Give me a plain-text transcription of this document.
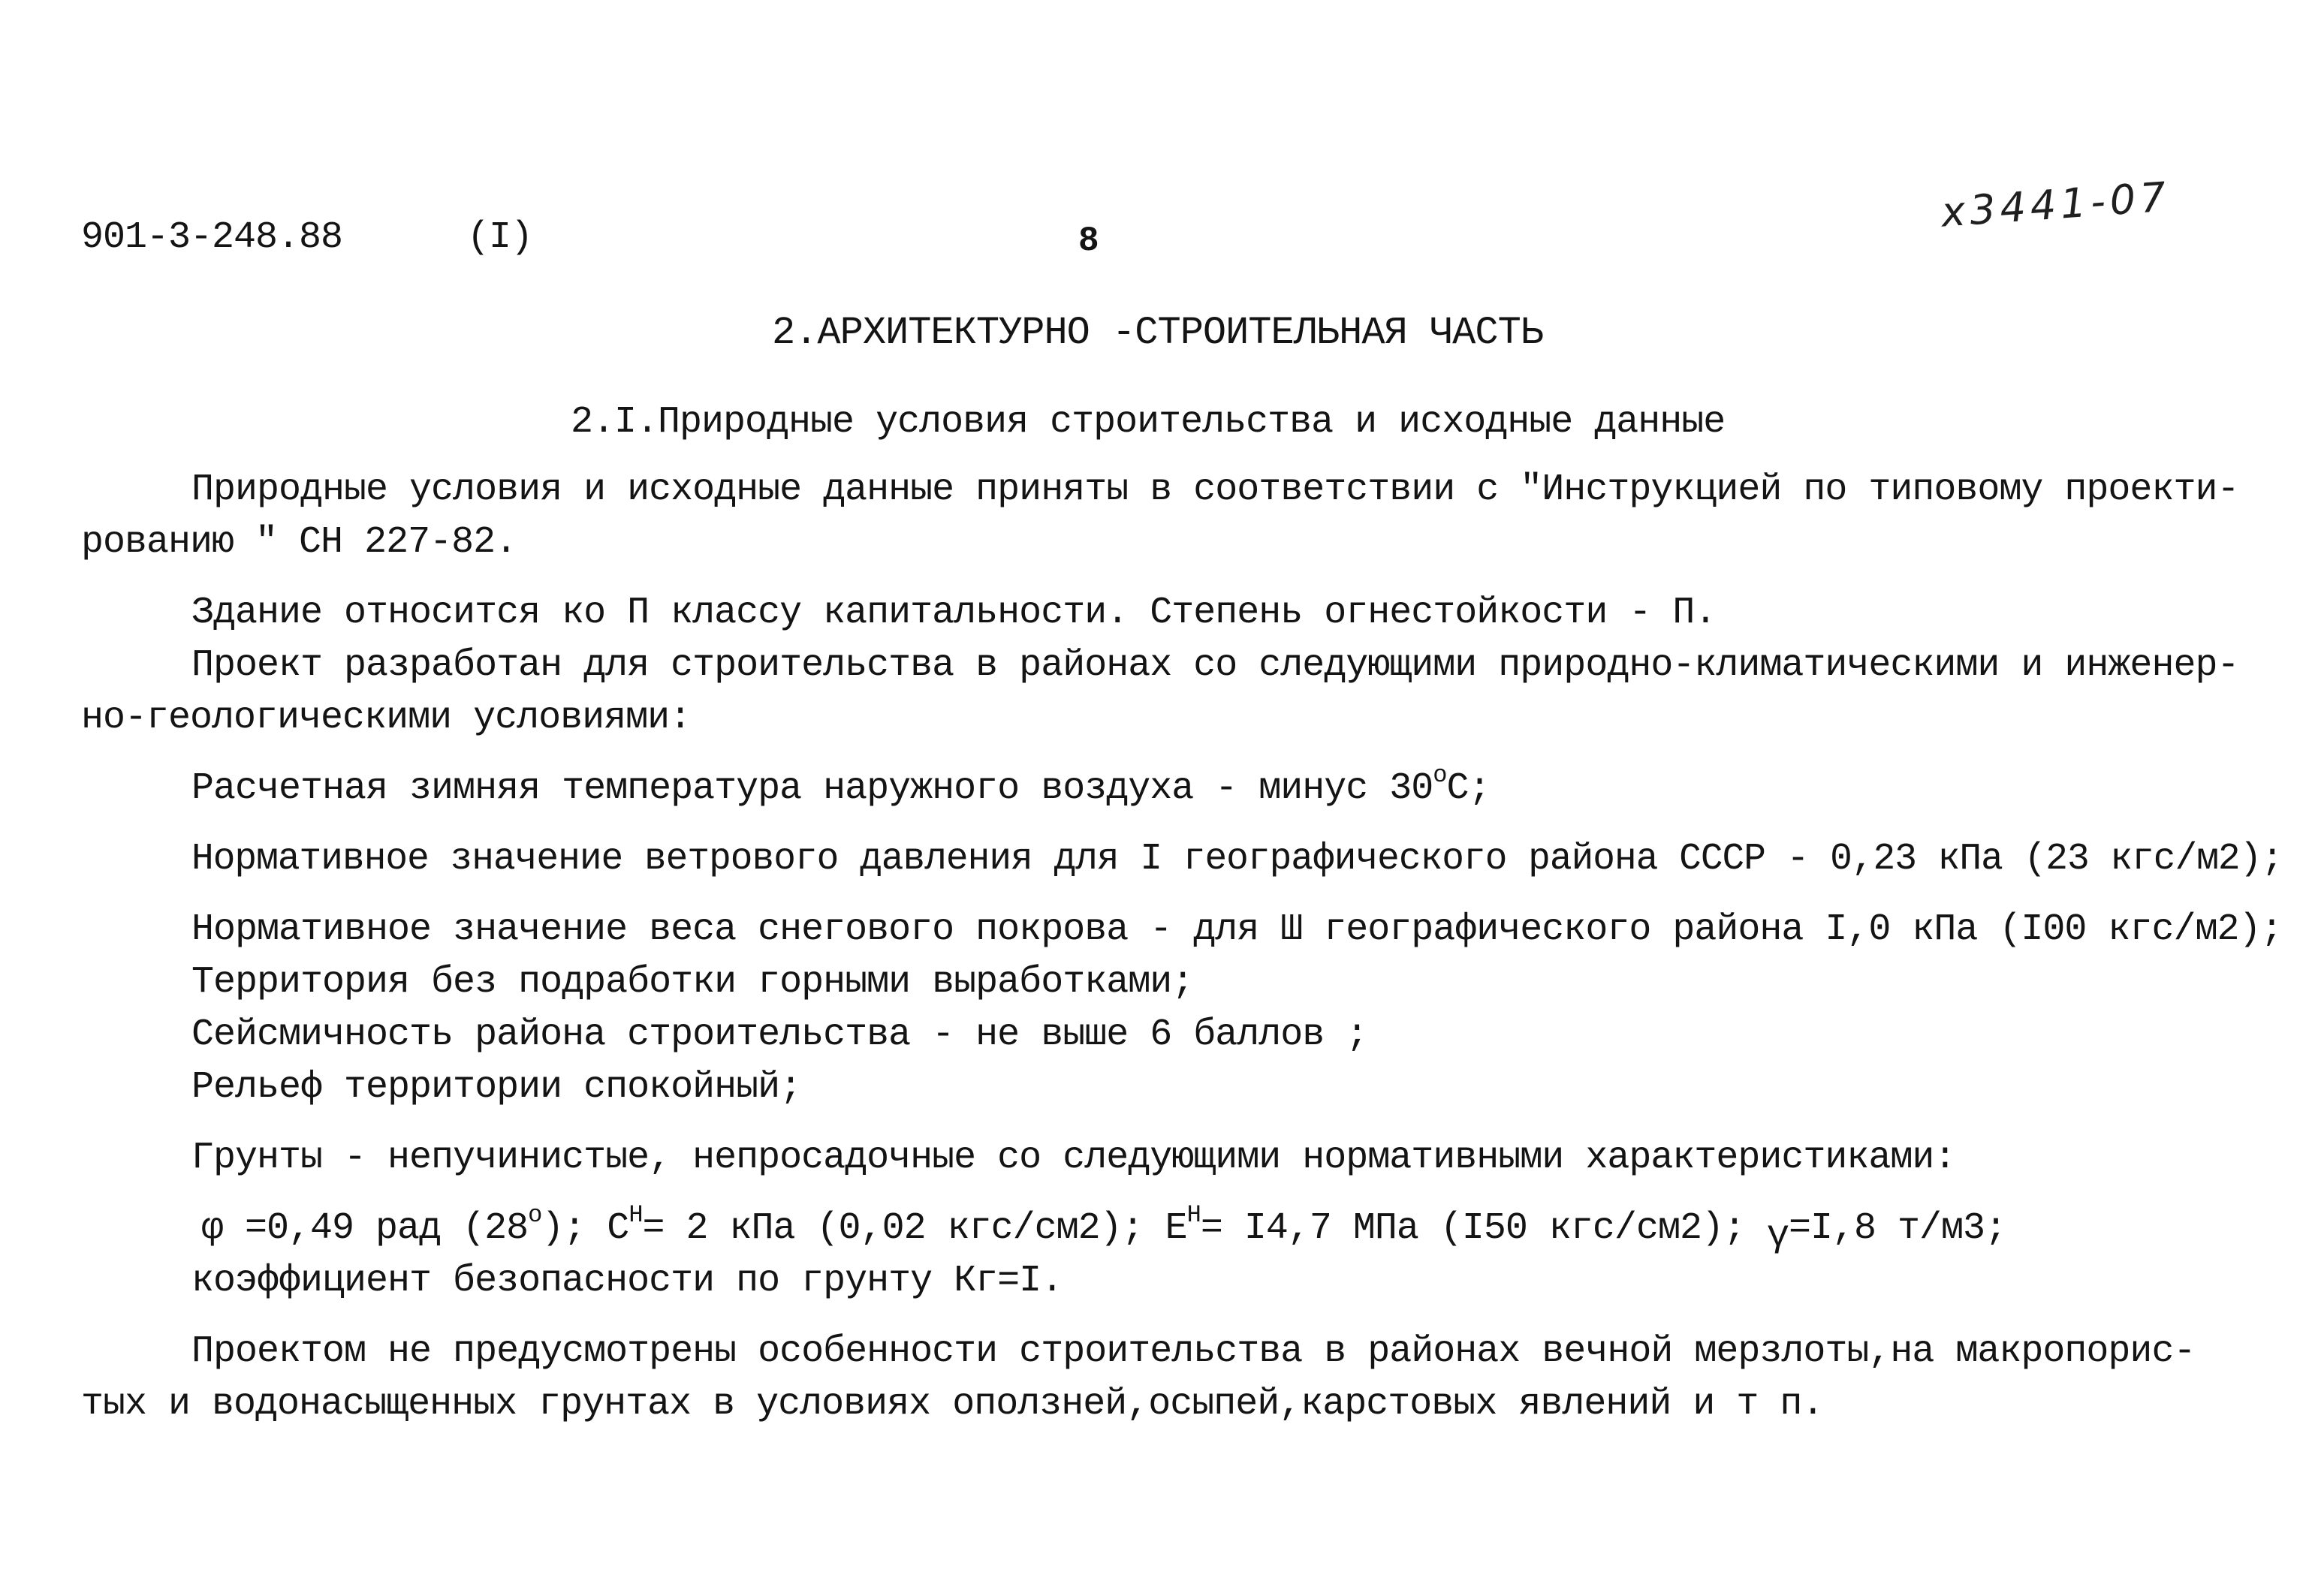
901-3-248.88	(I)	8
x3441-07
2.АРХИТЕКТУРНО -СТРОИТЕЛЬНАЯ ЧАСТЬ
2.I.Природные условия строительства и исходные данные
Природные условия и исходные данные приняты в соответствии с "Инструкцией по типовому проекти-
рованию " СН 227-82.
Здание относится ко П классу капитальности. Степень огнестойкости - П.
Проект разработан для строительства в районах со следующими природно-климатическими и инженер-
но-геологическими условиями:
Расчетная зимняя температура наружного воздуха - минус $30^оС$;
Нормативное значение ветрового давления для I географического района СССР - 0,23 кПа (23 кгс/м2);
Нормативное значение веса снегового покрова - для Ш географического района I,0 кПа (I00 кгс/м2);
Территория без подработки горными выработками;
Сейсмичность района строительства - не выше 6 баллов ;
Рельеф территории спокойный;
Грунты - непучинистые, непросадочные со следующими нормативными характеристиками:
φ =0,49 рад $(28^о)$; $С^Н= 2$ кПа (0,02 кгс/см2); $Е^Н= I4,7$ МПа (I50 кгс/см2); γ=I,8 т/м3;
коэффициент безопасности по грунту Кг=I.
Проектом не предусмотрены особенности строительства в районах вечной мерзлоты,на макропорис-
тых и водонасыщенных грунтах в условиях оползней,осыпей,карстовых явлений и т п.
